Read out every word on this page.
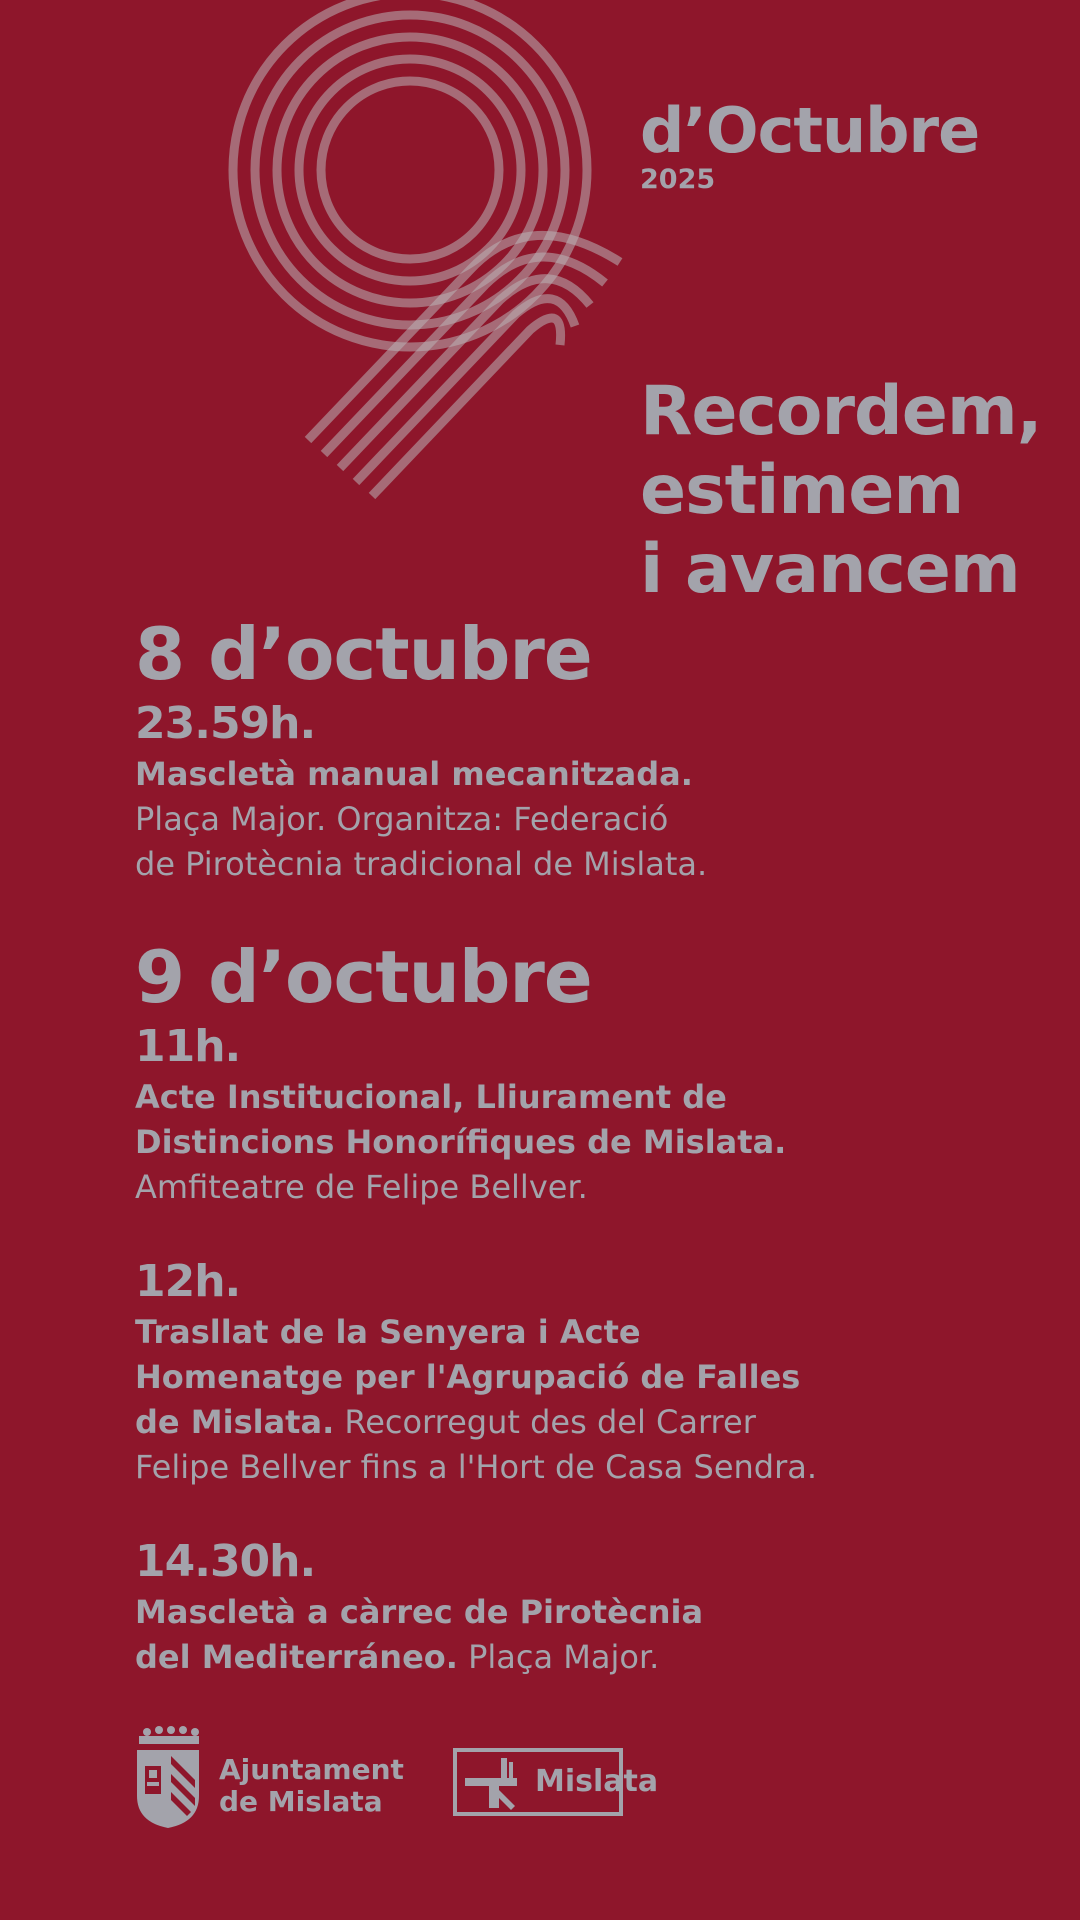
d’Octubre
2025
Recordem,
estimem
i avancem
8 d’octubre
23.59h.
Mascletà manual mecanitzada.
Plaça Major. Organitza: Federació
de Pirotècnia tradicional de Mislata.
9 d’octubre
11h.
Acte Institucional, Lliurament de
Distincions Honorífiques de Mislata.
Amfiteatre de Felipe Bellver.
12h.
Trasllat de la Senyera i Acte
Homenatge per l'Agrupació de Falles
de Mislata. Recorregut des del Carrer
Felipe Bellver fins a l'Hort de Casa Sendra.
14.30h.
Mascletà a càrrec de Pirotècnia
del Mediterráneo. Plaça Major.
Ajuntament
de Mislata
Mislata
